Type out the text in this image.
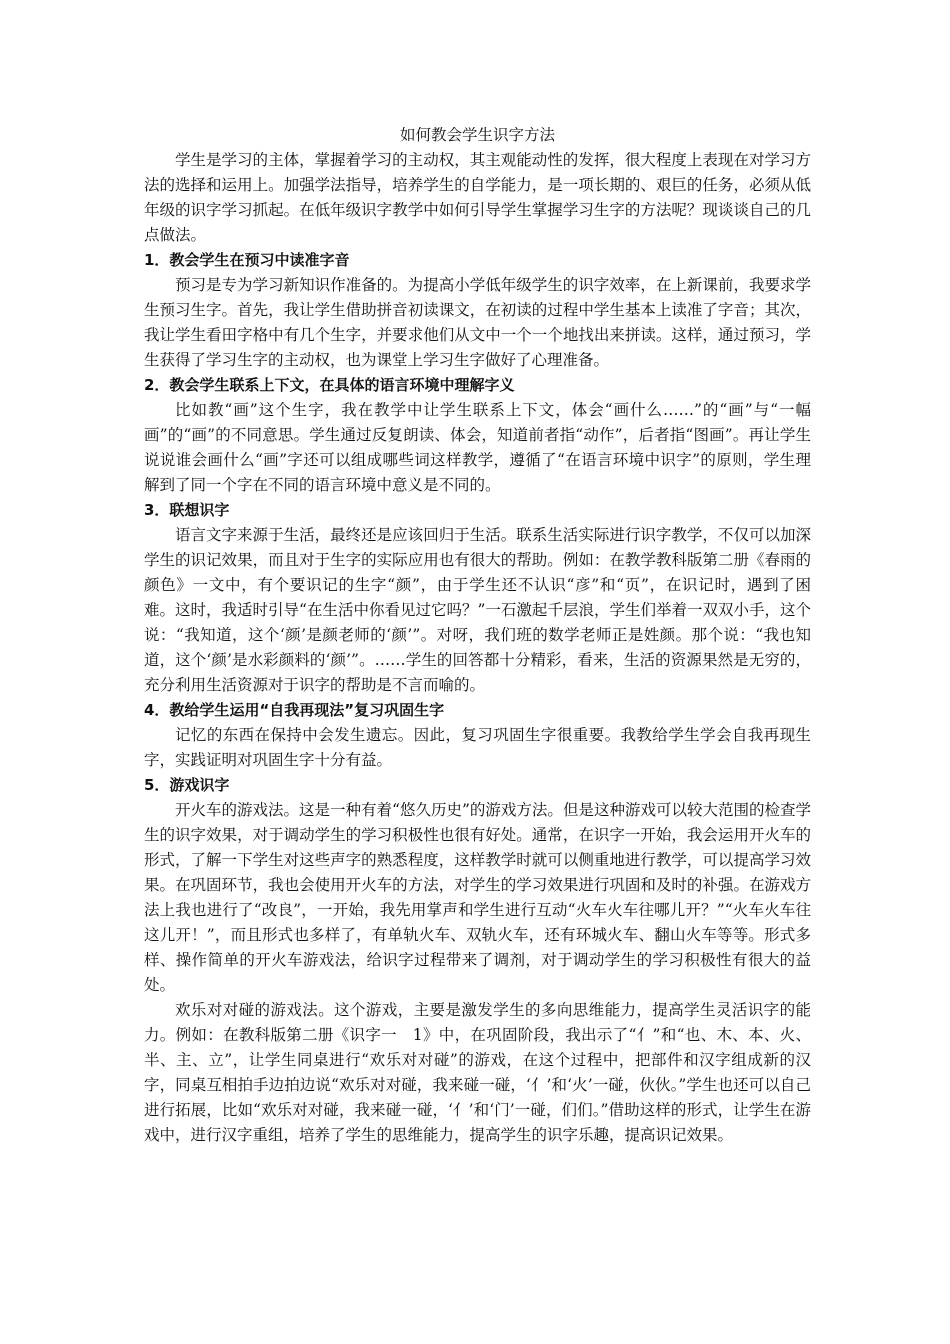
如何教会学生识字方法

学生是学习的主体，掌握着学习的主动权，其主观能动性的发挥，很大程度上表现在对学习方法的选择和运用上。加强学法指导，培养学生的自学能力，是一项长期的、艰巨的任务，必须从低年级的识字学习抓起。在低年级识字教学中如何引导学生掌握学习生字的方法呢？现谈谈自己的几点做法。

1．教会学生在预习中读准字音

预习是专为学习新知识作准备的。为提高小学低年级学生的识字效率，在上新课前，我要求学生预习生字。首先，我让学生借助拼音初读课文，在初读的过程中学生基本上读准了字音；其次，我让学生看田字格中有几个生字，并要求他们从文中一个一个地找出来拼读。这样，通过预习，学生获得了学习生字的主动权，也为课堂上学习生字做好了心理准备。

2．教会学生联系上下文，在具体的语言环境中理解字义

比如教“画”这个生字，我在教学中让学生联系上下文，体会“画什么……”的“画”与“一幅画”的“画”的不同意思。学生通过反复朗读、体会，知道前者指“动作”，后者指“图画”。再让学生说说谁会画什么“画”字还可以组成哪些词这样教学，遵循了“在语言环境中识字”的原则，学生理解到了同一个字在不同的语言环境中意义是不同的。

3．联想识字

语言文字来源于生活，最终还是应该回归于生活。联系生活实际进行识字教学，不仅可以加深学生的识记效果，而且对于生字的实际应用也有很大的帮助。例如：在教学教科版第二册《春雨的颜色》一文中，有个要识记的生字“颜”，由于学生还不认识“彦”和“页”，在识记时，遇到了困难。这时，我适时引导“在生活中你看见过它吗？”一石激起千层浪，学生们举着一双双小手，这个说：“我知道，这个‘颜’是颜老师的‘颜’”。对呀，我们班的数学老师正是姓颜。那个说：“我也知道，这个‘颜’是水彩颜料的‘颜’”。……学生的回答都十分精彩，看来，生活的资源果然是无穷的，充分利用生活资源对于识字的帮助是不言而喻的。

4．教给学生运用“自我再现法”复习巩固生字

记忆的东西在保持中会发生遗忘。因此，复习巩固生字很重要。我教给学生学会自我再现生字，实践证明对巩固生字十分有益。

5．游戏识字

开火车的游戏法。这是一种有着“悠久历史”的游戏方法。但是这种游戏可以较大范围的检查学生的识字效果，对于调动学生的学习积极性也很有好处。通常，在识字一开始，我会运用开火车的形式，了解一下学生对这些声字的熟悉程度，这样教学时就可以侧重地进行教学，可以提高学习效果。在巩固环节，我也会使用开火车的方法，对学生的学习效果进行巩固和及时的补强。在游戏方法上我也进行了“改良”，一开始，我先用掌声和学生进行互动“火车火车往哪儿开？”“火车火车往这儿开！”，而且形式也多样了，有单轨火车、双轨火车，还有环城火车、翻山火车等等。形式多样、操作简单的开火车游戏法，给识字过程带来了调剂，对于调动学生的学习积极性有很大的益处。

欢乐对对碰的游戏法。这个游戏，主要是激发学生的多向思维能力，提高学生灵活识字的能力。例如：在教科版第二册《识字一　1》中，在巩固阶段，我出示了“亻”和“也、木、本、火、半、主、立”，让学生同桌进行“欢乐对对碰”的游戏，在这个过程中，把部件和汉字组成新的汉字，同桌互相拍手边拍边说“欢乐对对碰，我来碰一碰，‘亻’和‘火’一碰，伙伙。”学生也还可以自己进行拓展，比如“欢乐对对碰，我来碰一碰，‘亻’和‘门’一碰，们们。”借助这样的形式，让学生在游戏中，进行汉字重组，培养了学生的思维能力，提高学生的识字乐趣，提高识记效果。
